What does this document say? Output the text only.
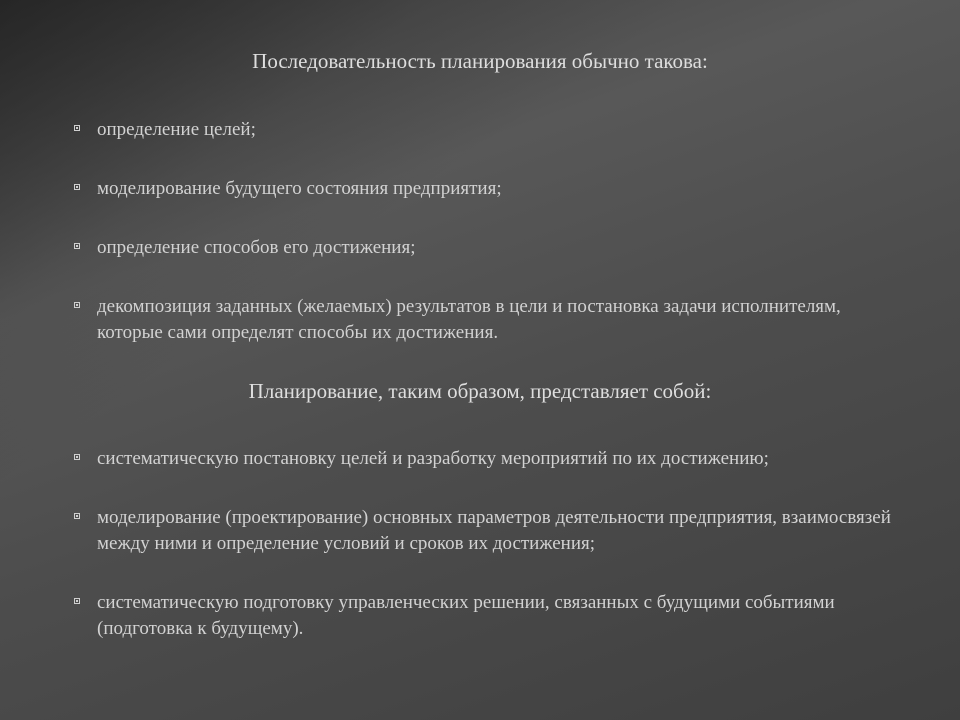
Последовательность планирования обычно такова:
определение целей;
моделирование будущего состояния предприятия;
определение способов его достижения;
декомпозиция заданных (желаемых) результатов в цели и постановка задачи исполнителям, которые сами определят способы их достижения.
Планирование, таким образом, представляет собой:
систематическую постановку целей и разработку мероприятий по их достижению;
моделирование (проектирование) основных параметров деятельности предприятия, взаимосвязей между ними и определение условий и сроков их достижения;
систематическую подготовку управленческих решении, связанных с будущими событиями (подготовка к будущему).
